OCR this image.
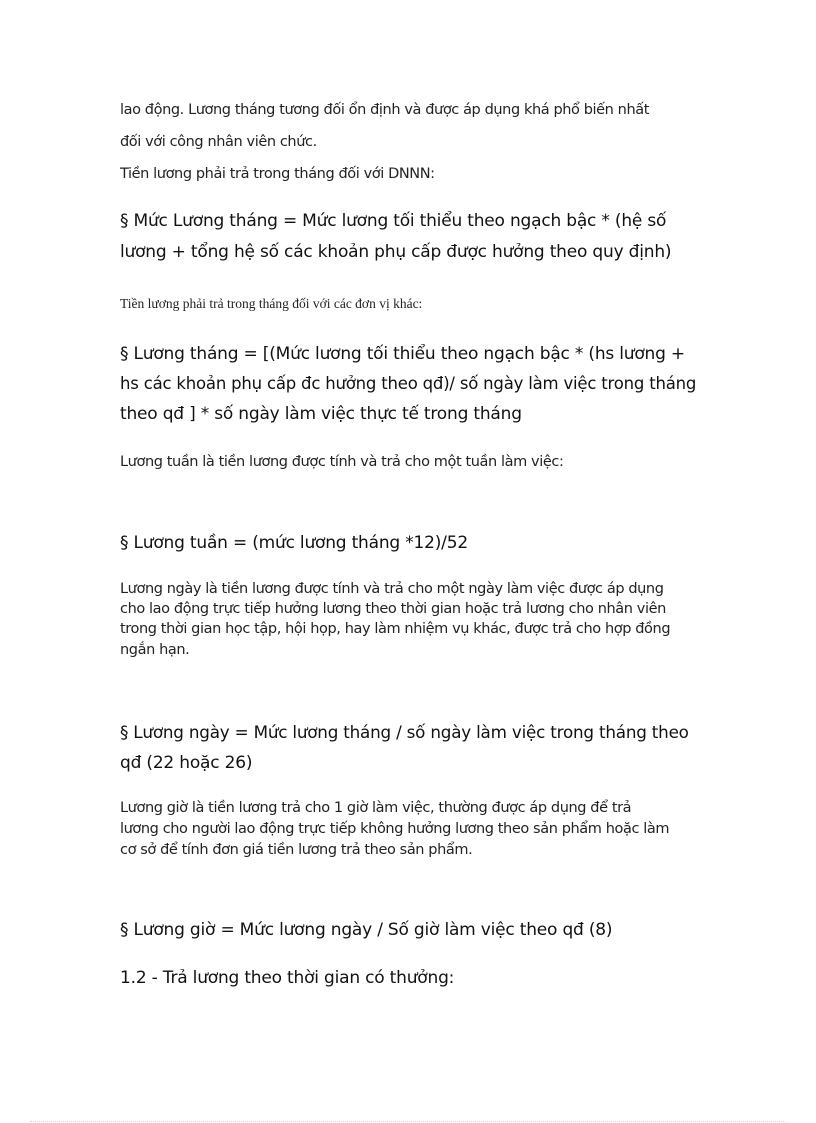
lao động. Lương tháng tương đối ổn định và được áp dụng khá phổ biến nhất

đối với công nhân viên chức.

Tiền lương phải trả trong tháng đối với DNNN:

§ Mức Lương tháng = Mức lương tối thiểu theo ngạch bậc * (hệ số

lương + tổng hệ số các khoản phụ cấp được hưởng theo quy định)

Tiền lương phải trả trong tháng đối với các đơn vị khác:

§ Lương tháng = [(Mức lương tối thiểu theo ngạch bậc * (hs lương +

hs các khoản phụ cấp đc hưởng theo qđ)/ số ngày làm việc trong tháng

theo qđ ] * số ngày làm việc thực tế trong tháng

Lương tuần là tiền lương được tính và trả cho một tuần làm việc:

§ Lương tuần = (mức lương tháng *12)/52

Lương ngày là tiền lương được tính và trả cho một ngày làm việc được áp dụng

cho lao động trực tiếp hưởng lương theo thời gian hoặc trả lương cho nhân viên

trong thời gian học tập, hội họp, hay làm nhiệm vụ khác, được trả cho hợp đồng

ngắn hạn.

§ Lương ngày = Mức lương tháng / số ngày làm việc trong tháng theo

qđ (22 hoặc 26)

Lương giờ là tiền lương trả cho 1 giờ làm việc, thường được áp dụng để trả

lương cho người lao động trực tiếp không hưởng lương theo sản phẩm hoặc làm

cơ sở để tính đơn giá tiền lương trả theo sản phẩm.

§ Lương giờ = Mức lương ngày / Số giờ làm việc theo qđ (8)

1.2 - Trả lương theo thời gian có thưởng:
